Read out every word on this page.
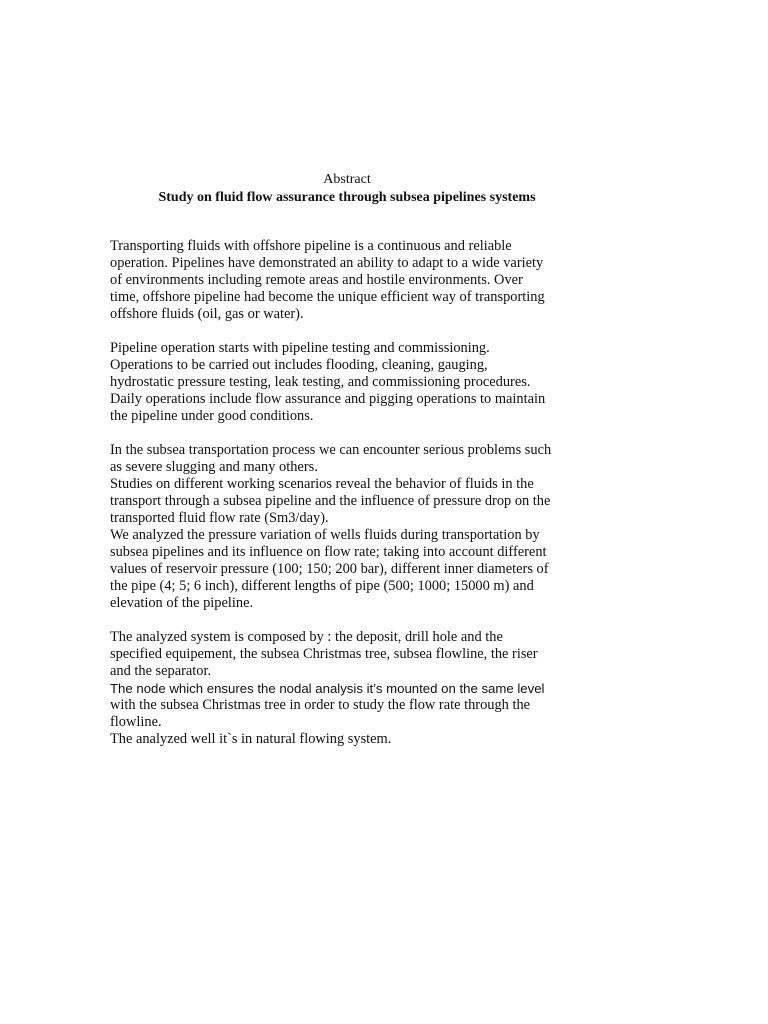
Abstract
Study on fluid flow assurance through subsea pipelines systems
Transporting fluids with offshore pipeline is a continuous and reliable
operation. Pipelines have demonstrated an ability to adapt to a wide variety
of environments including remote areas and hostile environments. Over
time, offshore pipeline had become the unique efficient way of transporting
offshore fluids (oil, gas or water).
Pipeline operation starts with pipeline testing and commissioning.
Operations to be carried out includes flooding, cleaning, gauging,
hydrostatic pressure testing, leak testing, and commissioning procedures.
Daily operations include flow assurance and pigging operations to maintain
the pipeline under good conditions.
In the subsea transportation process we can encounter serious problems such
as severe slugging and many others.
Studies on different working scenarios reveal the behavior of fluids in the
transport through a subsea pipeline and the influence of pressure drop on the
transported fluid flow rate (Sm3/day).
We analyzed the pressure variation of wells fluids during transportation by
subsea pipelines and its influence on flow rate; taking into account different
values of reservoir pressure (100; 150; 200 bar), different inner diameters of
the pipe (4; 5; 6 inch), different lengths of pipe (500; 1000; 15000 m) and
elevation of the pipeline.
The analyzed system is composed by : the deposit, drill hole and the
specified equipement, the subsea Christmas tree, subsea flowline, the riser
and the separator.
The node which ensures the nodal analysis it’s mounted on the same level
with the subsea Christmas tree in order to study the flow rate through the
flowline.
The analyzed well it`s in natural flowing system.
